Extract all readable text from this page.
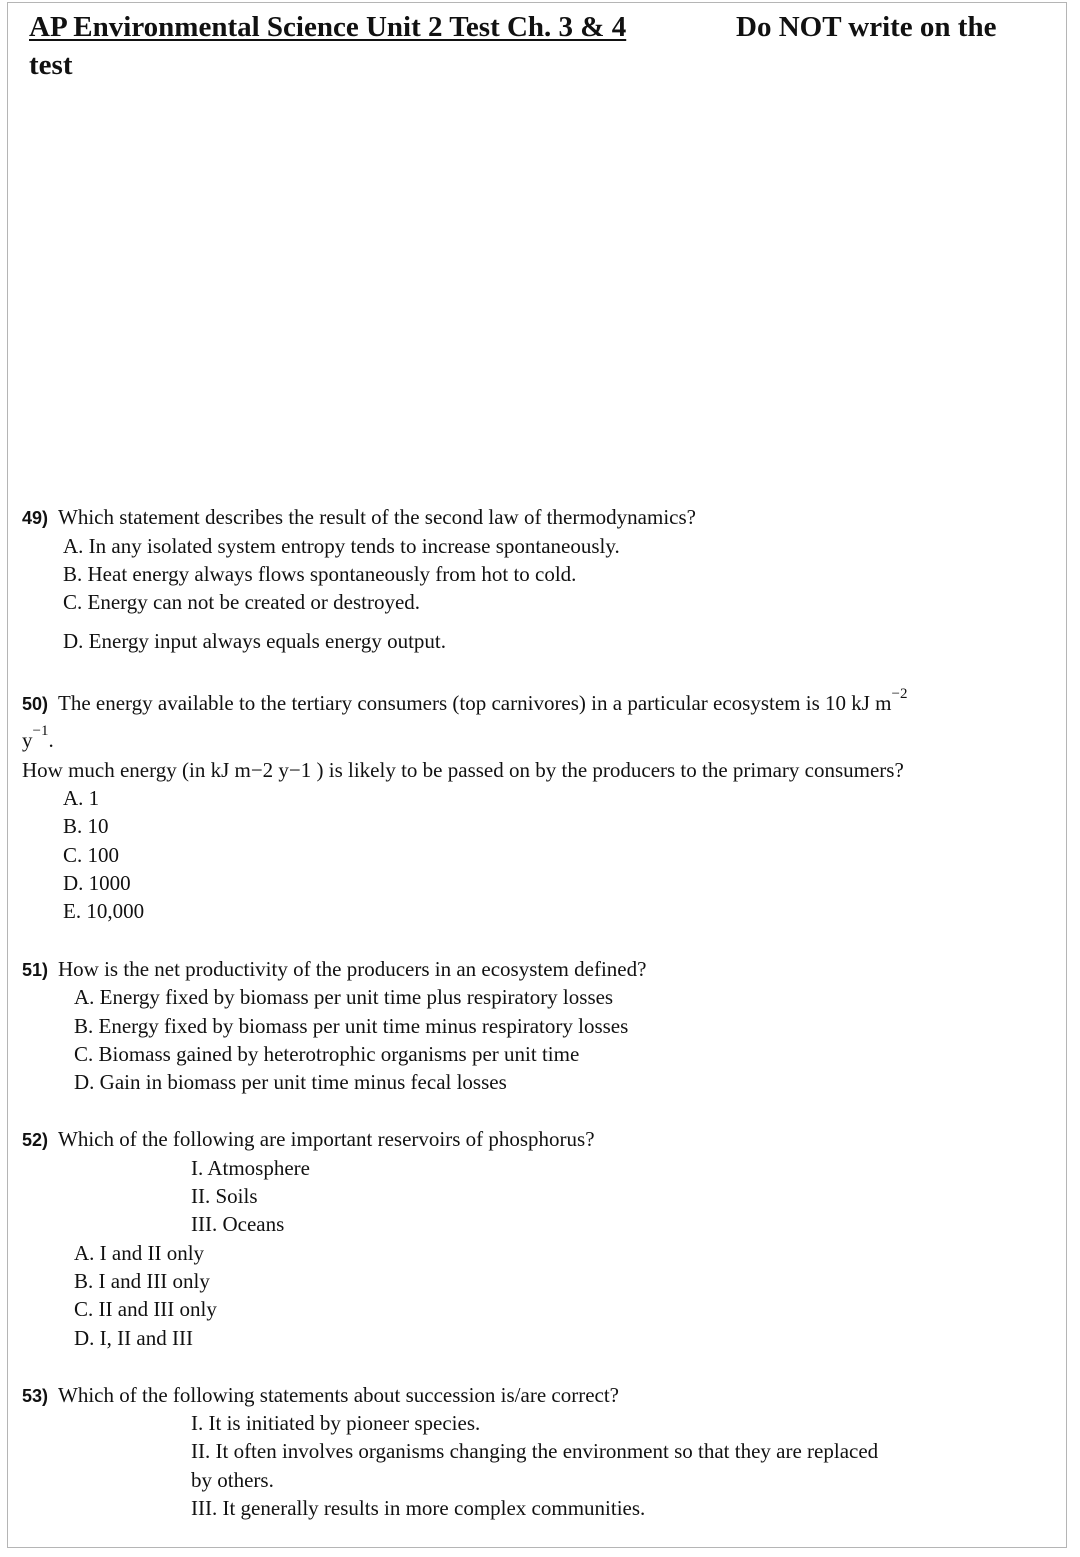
AP Environmental Science Unit 2 Test Ch. 3 & 4	Do NOT write on the
test
49) Which statement describes the result of the second law of thermodynamics?
A. In any isolated system entropy tends to increase spontaneously.
B. Heat energy always flows spontaneously from hot to cold.
C. Energy can not be created or destroyed.
D. Energy input always equals energy output.
50) The energy available to the tertiary consumers (top carnivores) in a particular ecosystem is 10 kJ $m^{-2}$
$y^{-1}$.
How much energy (in kJ m−2 y−1 ) is likely to be passed on by the producers to the primary consumers?
A. 1
B. 10
C. 100
D. 1000
E. 10,000
51) How is the net productivity of the producers in an ecosystem defined?
A. Energy fixed by biomass per unit time plus respiratory losses
B. Energy fixed by biomass per unit time minus respiratory losses
C. Biomass gained by heterotrophic organisms per unit time
D. Gain in biomass per unit time minus fecal losses
52) Which of the following are important reservoirs of phosphorus?
I. Atmosphere
II. Soils
III. Oceans
A. I and II only
B. I and III only
C. II and III only
D. I, II and III
53) Which of the following statements about succession is/are correct?
I. It is initiated by pioneer species.
II. It often involves organisms changing the environment so that they are replaced
by others.
III. It generally results in more complex communities.
